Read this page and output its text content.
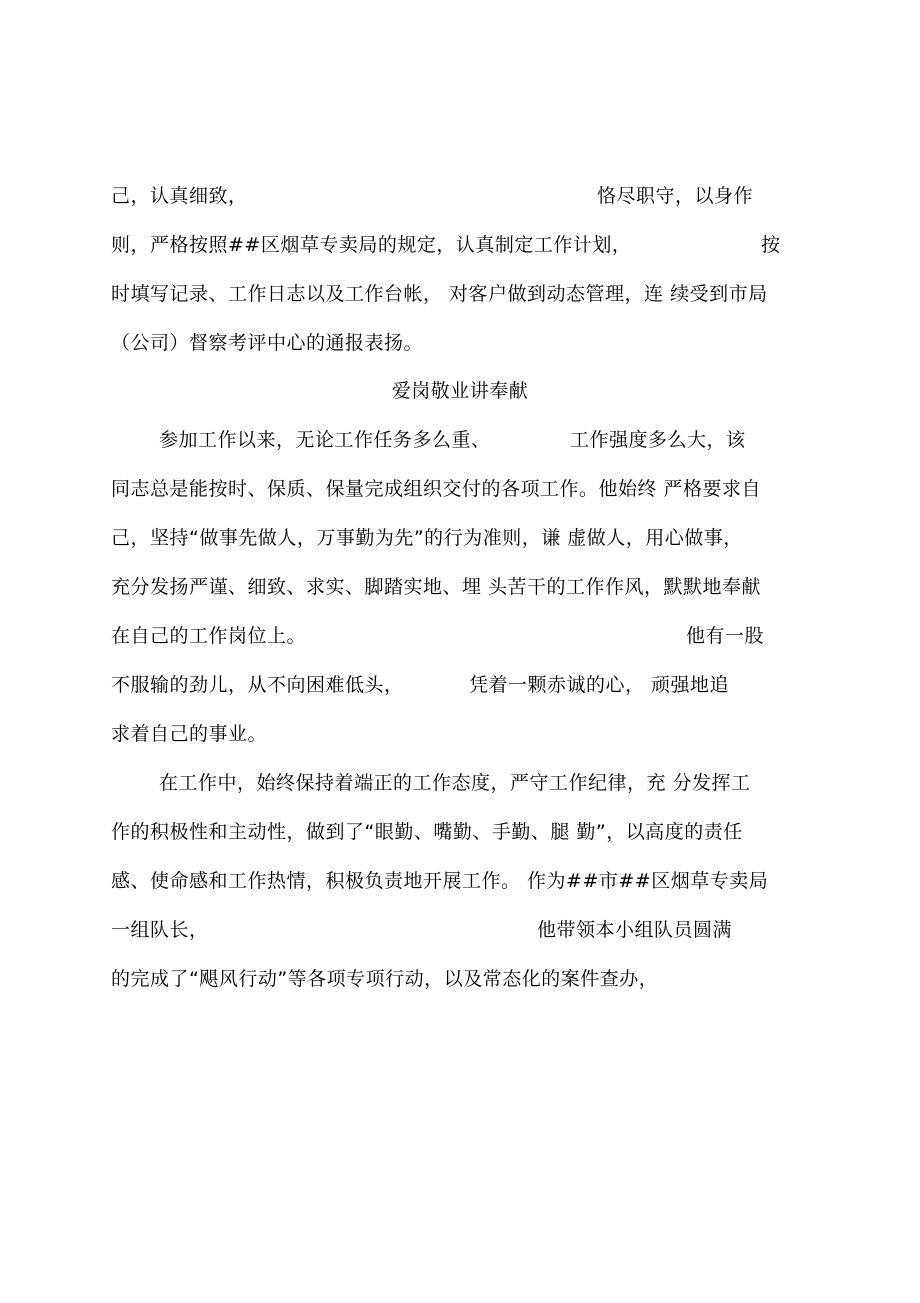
己，认真细致，	恪尽职守，以身作
则，严格按照##区烟草专卖局的规定，认真制定工作计划，	按
时填写记录、工作日志以及工作台帐， 对客户做到动态管理，连 续受到市局
（公司）督察考评中心的通报表扬。
爱岗敬业讲奉献
参加工作以来，无论工作任务多么重、	工作强度多么大，该
同志总是能按时、保质、保量完成组织交付的各项工作。他始终 严格要求自
己，坚持“做事先做人，万事勤为先”的行为准则，谦 虚做人，用心做事，
充分发扬严谨、细致、求实、脚踏实地、埋 头苦干的工作作风，默默地奉献
在自己的工作岗位上。	他有一股
不服输的劲儿，从不向困难低头，	凭着一颗赤诚的心， 顽强地追
求着自己的事业。
在工作中，始终保持着端正的工作态度，严守工作纪律，充 分发挥工
作的积极性和主动性，做到了“眼勤、嘴勤、手勤、腿 勤”，以高度的责任
感、使命感和工作热情，积极负责地开展工作。 作为##市##区烟草专卖局
一组队长，	他带领本小组队员圆满
的完成了“飓风行动”等各项专项行动，以及常态化的案件查办，
